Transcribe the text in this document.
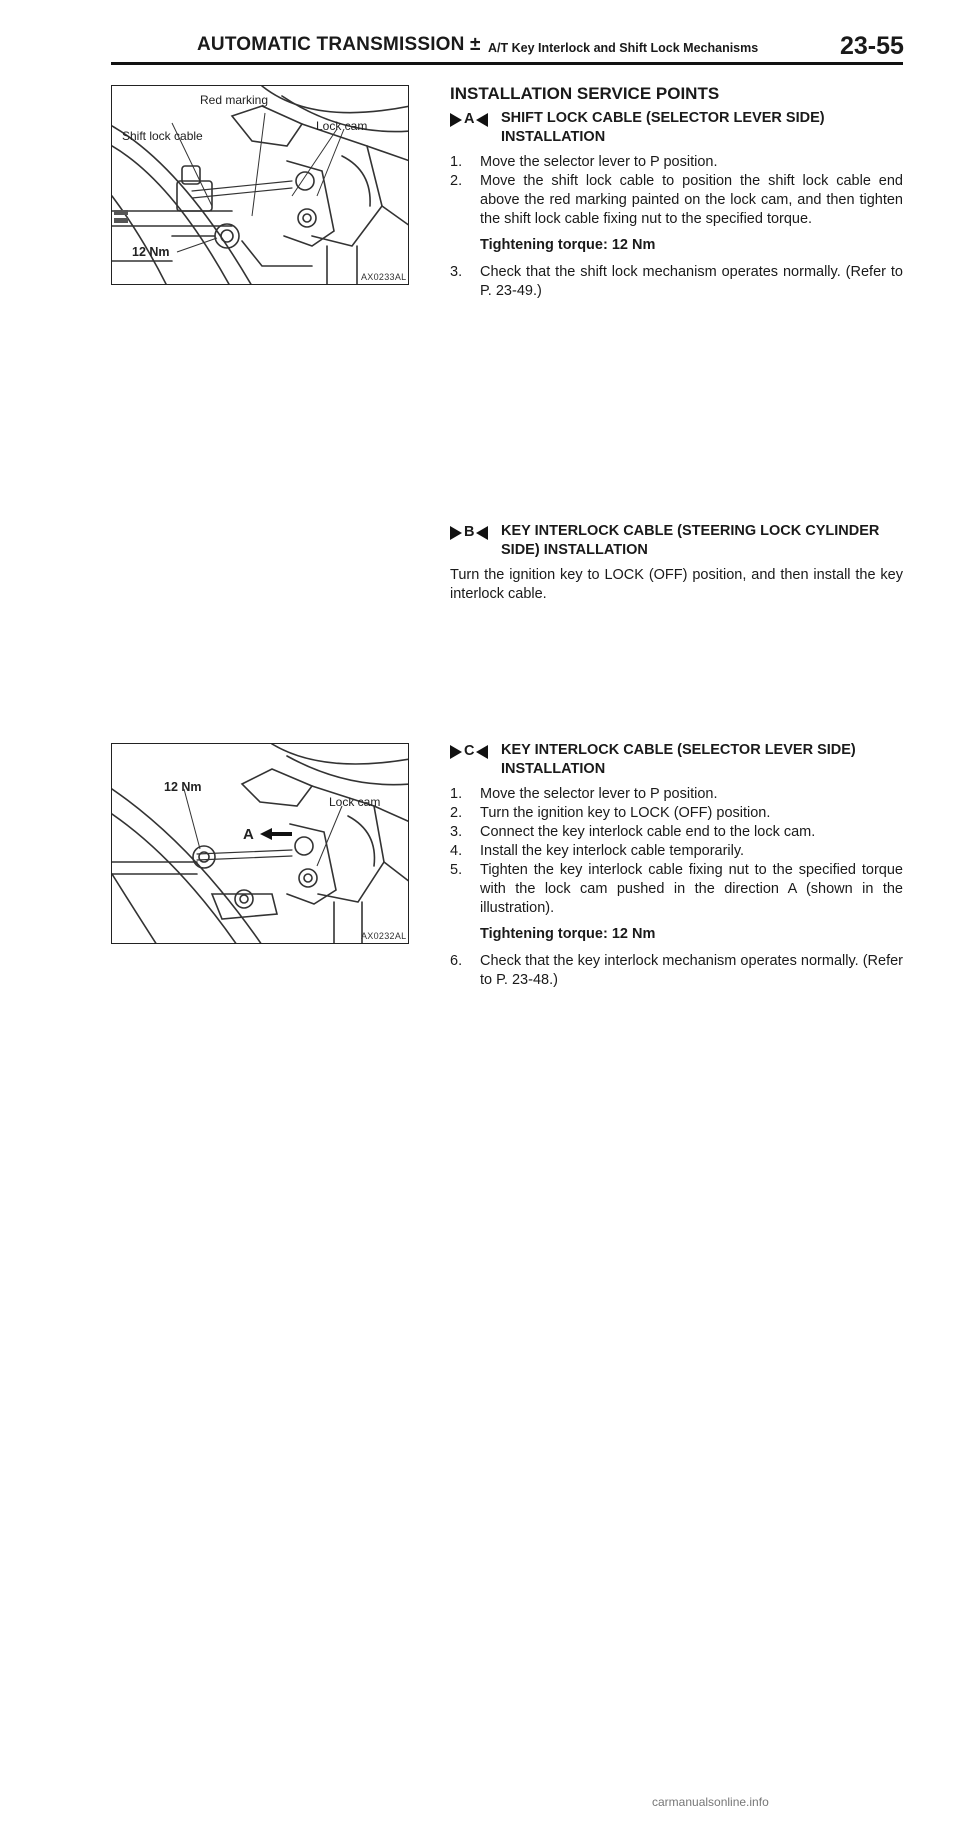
AUTOMATIC TRANSMISSION ± A/T Key Interlock and Shift Lock Mechanisms	23-55
Red marking
Lock cam
Shift lock cable
12 Nm
AX0233AL
12 Nm
Lock cam
A
AX0232AL
INSTALLATION SERVICE POINTS
A SHIFT LOCK CABLE (SELECTOR LEVER SIDE) INSTALLATION
1. Move the selector lever to P position.
2. Move the shift lock cable to position the shift lock cable end above the red marking painted on the lock cam, and then tighten the shift lock cable fixing nut to the specified torque.
Tightening torque: 12 Nm
3. Check that the shift lock mechanism operates normally. (Refer to P. 23-49.)
B KEY INTERLOCK CABLE (STEERING LOCK CYLINDER SIDE) INSTALLATION
Turn the ignition key to LOCK (OFF) position, and then install the key interlock cable.
C KEY INTERLOCK CABLE (SELECTOR LEVER SIDE) INSTALLATION
1. Move the selector lever to P position.
2. Turn the ignition key to LOCK (OFF) position.
3. Connect the key interlock cable end to the lock cam.
4. Install the key interlock cable temporarily.
5. Tighten the key interlock cable fixing nut to the specified torque with the lock cam pushed in the direction A (shown in the illustration).
Tightening torque: 12 Nm
6. Check that the key interlock mechanism operates normally. (Refer to P. 23-48.)
carmanualsonline.info
